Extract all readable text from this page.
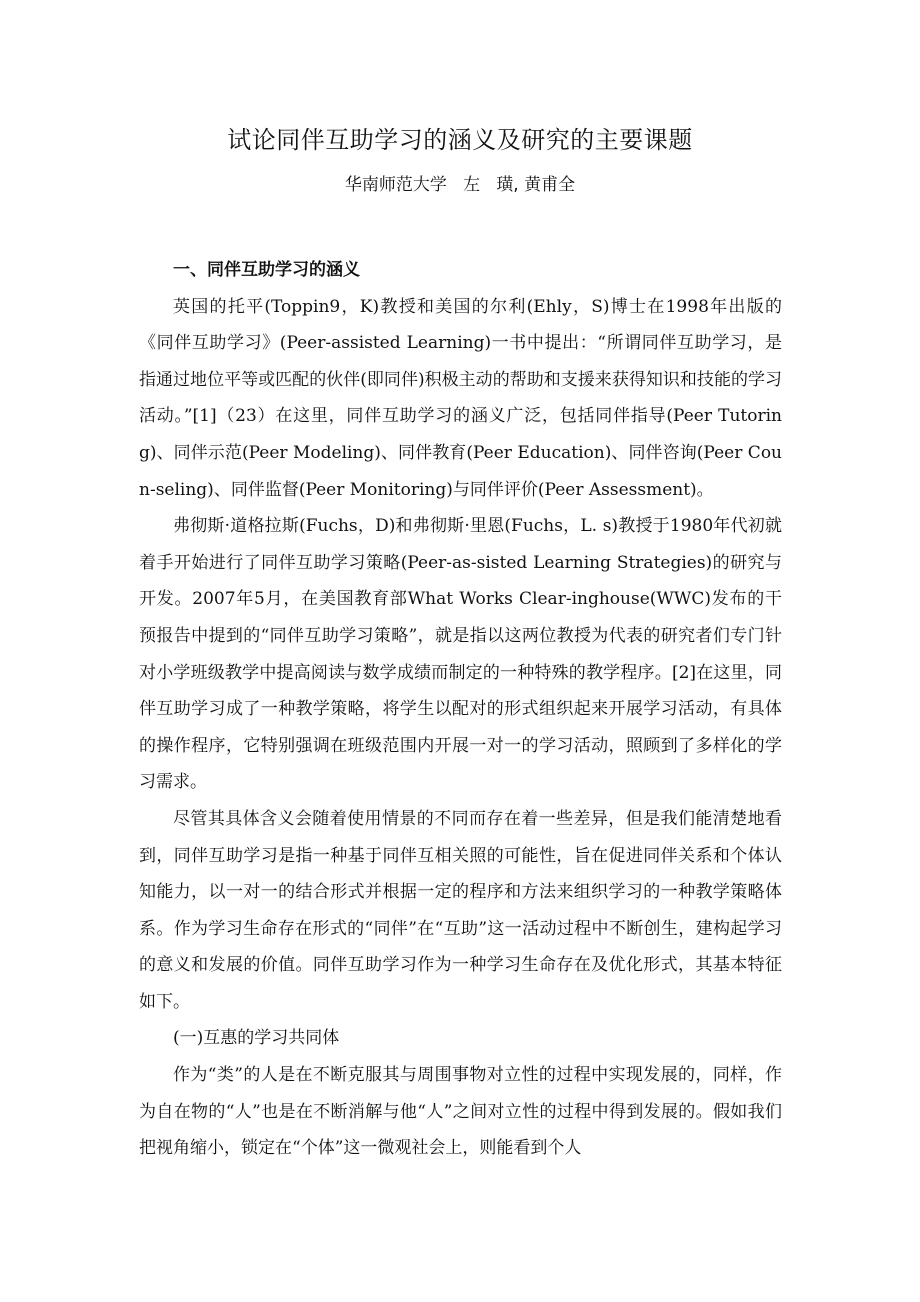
试论同伴互助学习的涵义及研究的主要课题
华南师范大学   左   璜, 黄甫全
一、同伴互助学习的涵义

英国的托平(Toppin9，K)教授和美国的尔利(Ehly，S)博士在1998年出版的《同伴互助学习》(Peer-assisted Learning)一书中提出：“所谓同伴互助学习，是指通过地位平等或匹配的伙伴(即同伴)积极主动的帮助和支援来获得知识和技能的学习活动。”[1]（23）在这里，同伴互助学习的涵义广泛，包括同伴指导(Peer Tutoring)、同伴示范(Peer Modeling)、同伴教育(Peer Education)、同伴咨询(Peer Coun-seling)、同伴监督(Peer Monitoring)与同伴评价(Peer Assessment)。

弗彻斯·道格拉斯(Fuchs，D)和弗彻斯·里恩(Fuchs，L. s)教授于1980年代初就着手开始进行了同伴互助学习策略(Peer-as-sisted Learning Strategies)的研究与开发。2007年5月，在美国教育部What Works Clear-inghouse(WWC)发布的干预报告中提到的“同伴互助学习策略”，就是指以这两位教授为代表的研究者们专门针对小学班级教学中提高阅读与数学成绩而制定的一种特殊的教学程序。[2]在这里，同伴互助学习成了一种教学策略，将学生以配对的形式组织起来开展学习活动，有具体的操作程序，它特别强调在班级范围内开展一对一的学习活动，照顾到了多样化的学习需求。

尽管其具体含义会随着使用情景的不同而存在着一些差异，但是我们能清楚地看到，同伴互助学习是指一种基于同伴互相关照的可能性，旨在促进同伴关系和个体认知能力，以一对一的结合形式并根据一定的程序和方法来组织学习的一种教学策略体系。作为学习生命存在形式的“同伴”在“互助”这一活动过程中不断创生，建构起学习的意义和发展的价值。同伴互助学习作为一种学习生命存在及优化形式，其基本特征如下。

(一)互惠的学习共同体

作为“类”的人是在不断克服其与周围事物对立性的过程中实现发展的，同样，作为自在物的“人”也是在不断消解与他“人”之间对立性的过程中得到发展的。假如我们把视角缩小，锁定在“个体”这一微观社会上，则能看到个人
